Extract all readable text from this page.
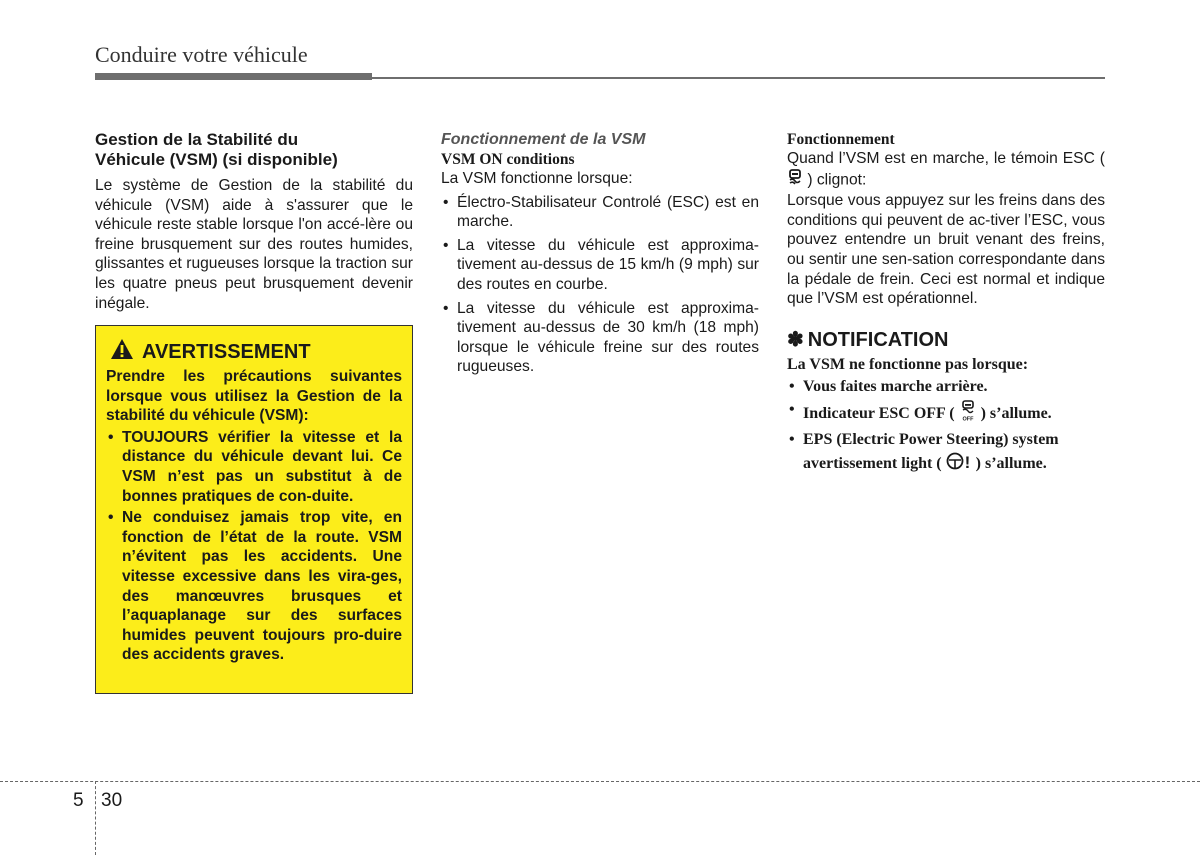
Conduire votre véhicule
Gestion de la Stabilité du
Véhicule (VSM) (si disponible)

Le système de Gestion de la stabilité du véhicule (VSM) aide à s'assurer que le véhicule reste stable lorsque l'on accé-lère ou freine brusquement sur des routes humides, glissantes et rugueuses lorsque la traction sur les quatre pneus peut brusquement devenir inégale.

AVERTISSEMENT

Prendre les précautions suivantes lorsque vous utilisez la Gestion de la stabilité du véhicule (VSM):

• TOUJOURS vérifier la vitesse et la distance du véhicule devant lui. Ce VSM n’est pas un substitut à de bonnes pratiques de con-duite.
• Ne conduisez jamais trop vite, en fonction de l’état de la route. VSM n’évitent pas les accidents. Une vitesse excessive dans les vira-ges, des manœuvres brusques et l’aquaplanage sur des surfaces humides peuvent toujours pro-duire des accidents graves.

Fonctionnement de la VSM

VSM ON conditions

La VSM fonctionne lorsque:

• Électro-Stabilisateur Controlé (ESC) est en marche.
• La vitesse du véhicule est approxima-tivement au-dessus de 15 km/h (9 mph) sur des routes en courbe.
• La vitesse du véhicule est approxima-tivement au-dessus de 30 km/h (18 mph) lorsque le véhicule freine sur des routes rugueuses.

Fonctionnement

Quand l’VSM est en marche, le témoin ESC (  ) clignot:

Lorsque vous appuyez sur les freins dans des conditions qui peuvent de ac-tiver l’ESC, vous pouvez entendre un bruit venant des freins, ou sentir une sen-sation correspondante dans la pédale de frein. Ceci est normal et indique que l’VSM est opérationnel.

✽ NOTIFICATION

La VSM ne fonctionne pas lorsque:

• Vous faites marche arrière.
• Indicateur ESC OFF ( OFF ) s’allume.
• EPS (Electric Power Steering) system avertissement light ( ! ) s’allume.
5 30
